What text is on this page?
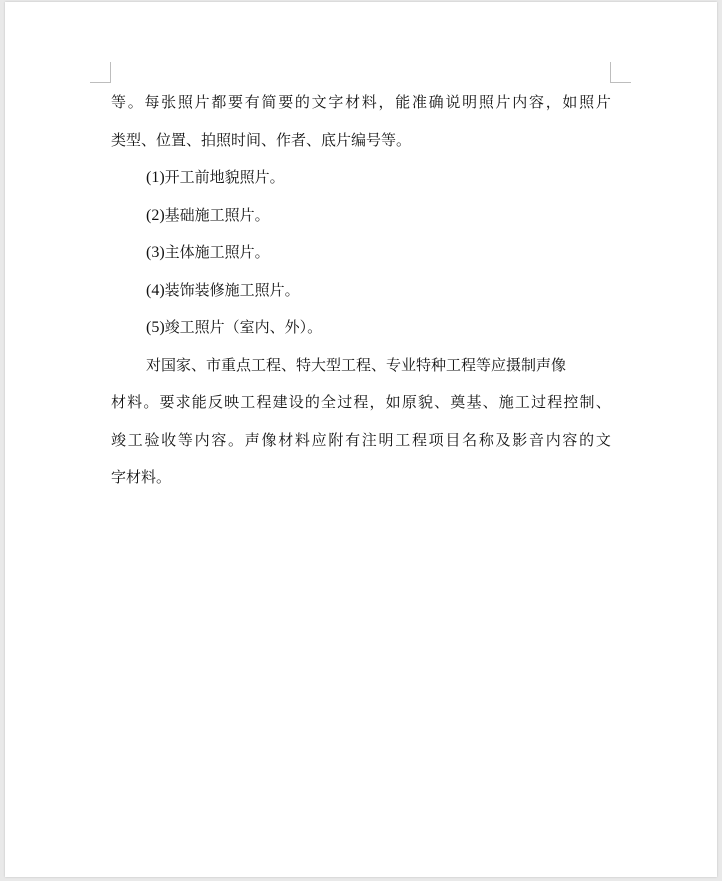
等 。 每 张 照 片 都 要 有 简 要 的 文 字 材 料 ， 能 准 确 说 明 照 片 内 容 ， 如 照 片
类型、位置、拍照时间、作者、底片编号等。
(1)开工前地貌照片。
(2)基础施工照片。
(3)主体施工照片。
(4)装饰装修施工照片。
(5)竣工照片（室内、外）。
对国家、市重点工程、特大型工程、专业特种工程等应摄制声像
材 料 。 要 求 能 反 映 工 程 建 设 的 全 过 程 ， 如 原 貌 、 奠 基 、 施 工 过 程 控 制 、
竣 工 验 收 等 内 容 。 声 像 材 料 应 附 有 注 明 工 程 项 目 名 称 及 影 音 内 容 的 文
字材料。
